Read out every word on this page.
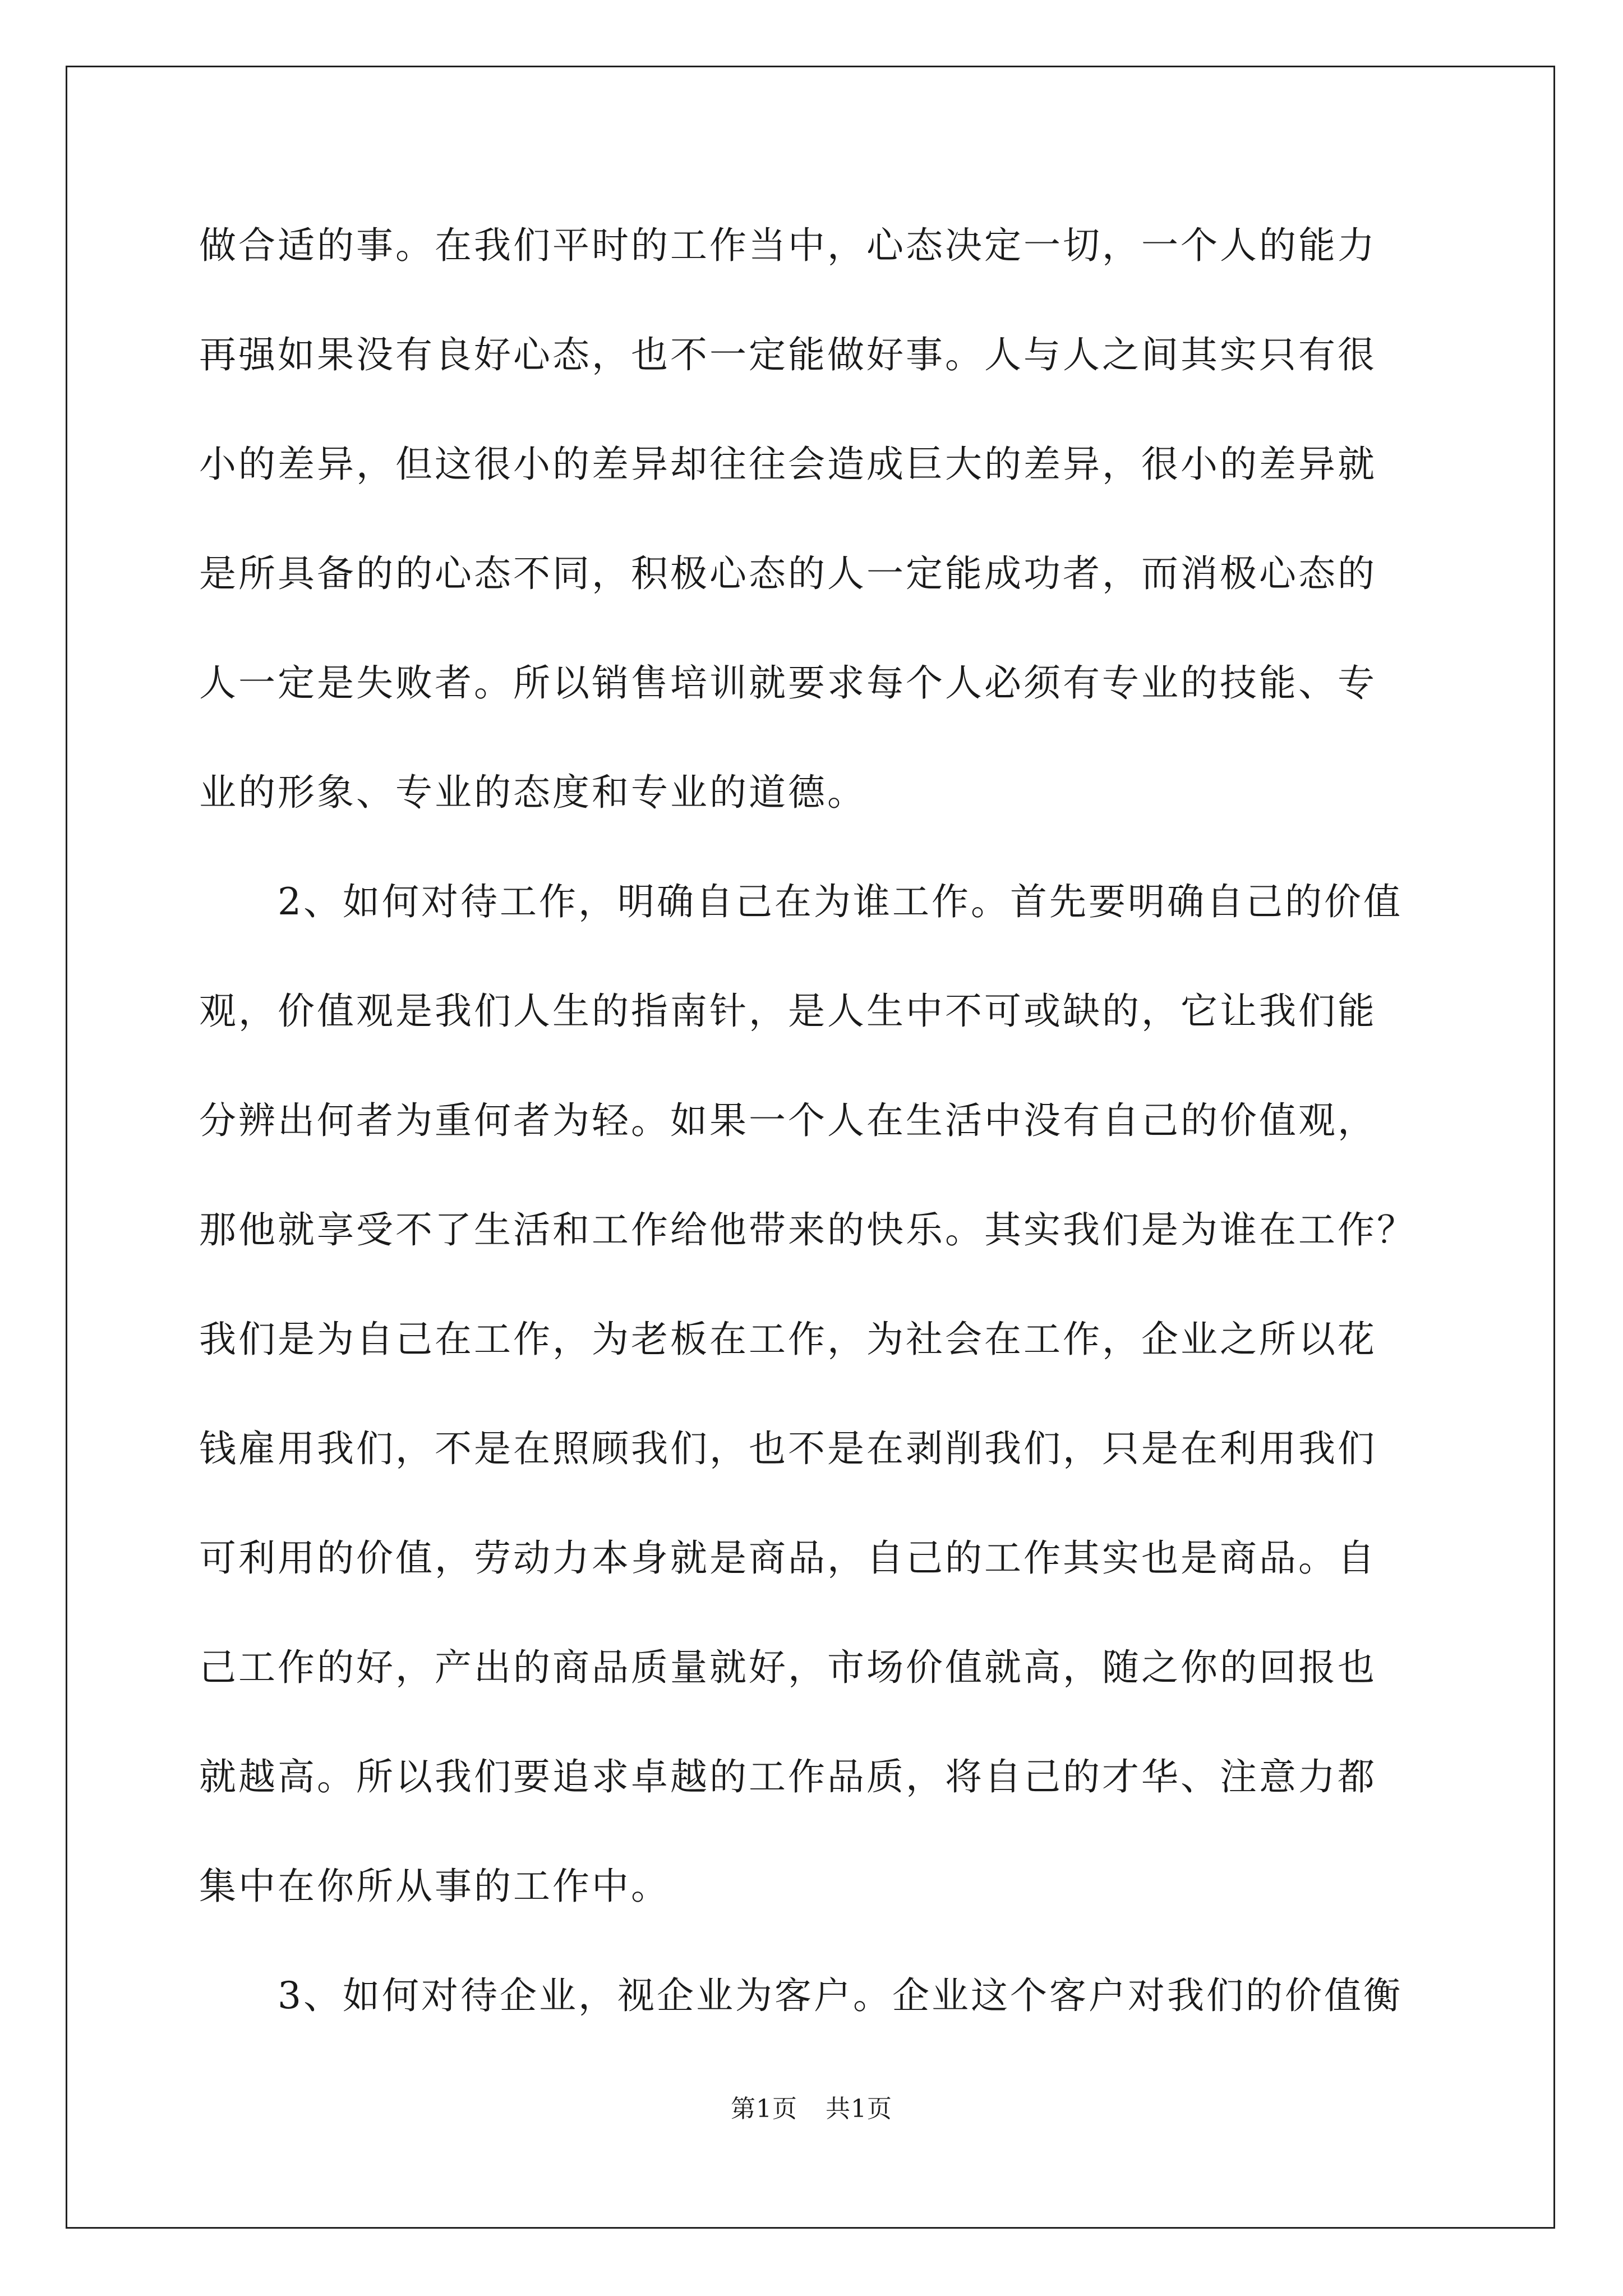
做合适的事。在我们平时的工作当中，心态决定一切，一个人的能力
再强如果没有良好心态，也不一定能做好事。人与人之间其实只有很
小的差异，但这很小的差异却往往会造成巨大的差异，很小的差异就
是所具备的的心态不同，积极心态的人一定能成功者，而消极心态的
人一定是失败者。所以销售培训就要求每个人必须有专业的技能、专
业的形象、专业的态度和专业的道德。
　　2、如何对待工作，明确自己在为谁工作。首先要明确自己的价值
观，价值观是我们人生的指南针，是人生中不可或缺的，它让我们能
分辨出何者为重何者为轻。如果一个人在生活中没有自己的价值观，
那他就享受不了生活和工作给他带来的快乐。其实我们是为谁在工作？
我们是为自己在工作，为老板在工作，为社会在工作，企业之所以花
钱雇用我们，不是在照顾我们，也不是在剥削我们，只是在利用我们
可利用的价值，劳动力本身就是商品，自己的工作其实也是商品。自
己工作的好，产出的商品质量就好，市场价值就高，随之你的回报也
就越高。所以我们要追求卓越的工作品质，将自己的才华、注意力都
集中在你所从事的工作中。
　　3、如何对待企业，视企业为客户。企业这个客户对我们的价值衡
第1页 共1页
